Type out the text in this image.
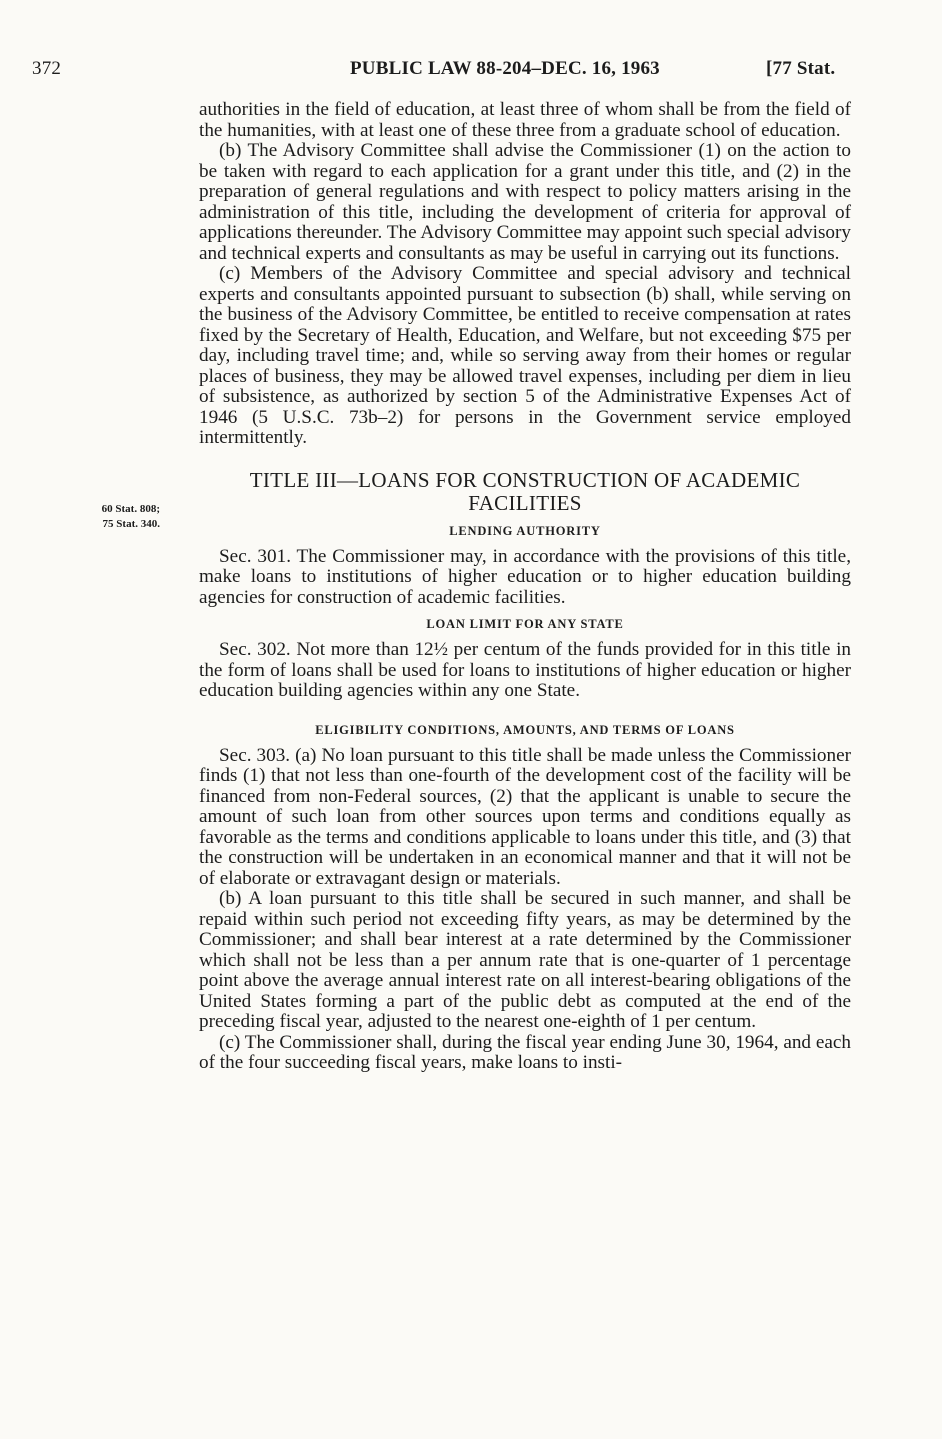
372	PUBLIC LAW 88-204–DEC. 16, 1963	[77 Stat.
60 Stat. 808;
75 Stat. 340.

authorities in the field of education, at least three of whom shall be from the field of the humanities, with at least one of these three from a graduate school of education.

(b) The Advisory Committee shall advise the Commissioner (1) on the action to be taken with regard to each application for a grant under this title, and (2) in the preparation of general regulations and with respect to policy matters arising in the administration of this title, including the development of criteria for approval of applications thereunder. The Advisory Committee may appoint such special advisory and technical experts and consultants as may be useful in carrying out its functions.

(c) Members of the Advisory Committee and special advisory and technical experts and consultants appointed pursuant to subsection (b) shall, while serving on the business of the Advisory Committee, be entitled to receive compensation at rates fixed by the Secretary of Health, Education, and Welfare, but not exceeding $75 per day, including travel time; and, while so serving away from their homes or regular places of business, they may be allowed travel expenses, including per diem in lieu of subsistence, as authorized by section 5 of the Administrative Expenses Act of 1946 (5 U.S.C. 73b–2) for persons in the Government service employed intermittently.

TITLE III—LOANS FOR CONSTRUCTION OF ACADEMIC FACILITIES
LENDING AUTHORITY

Sec. 301. The Commissioner may, in accordance with the provisions of this title, make loans to institutions of higher education or to higher education building agencies for construction of academic facilities.

LOAN LIMIT FOR ANY STATE

Sec. 302. Not more than 12½ per centum of the funds provided for in this title in the form of loans shall be used for loans to institutions of higher education or higher education building agencies within any one State.

ELIGIBILITY CONDITIONS, AMOUNTS, AND TERMS OF LOANS

Sec. 303. (a) No loan pursuant to this title shall be made unless the Commissioner finds (1) that not less than one-fourth of the development cost of the facility will be financed from non-Federal sources, (2) that the applicant is unable to secure the amount of such loan from other sources upon terms and conditions equally as favorable as the terms and conditions applicable to loans under this title, and (3) that the construction will be undertaken in an economical manner and that it will not be of elaborate or extravagant design or materials.

(b) A loan pursuant to this title shall be secured in such manner, and shall be repaid within such period not exceeding fifty years, as may be determined by the Commissioner; and shall bear interest at a rate determined by the Commissioner which shall not be less than a per annum rate that is one-quarter of 1 percentage point above the average annual interest rate on all interest-bearing obligations of the United States forming a part of the public debt as computed at the end of the preceding fiscal year, adjusted to the nearest one-eighth of 1 per centum.

(c) The Commissioner shall, during the fiscal year ending June 30, 1964, and each of the four succeeding fiscal years, make loans to insti-
